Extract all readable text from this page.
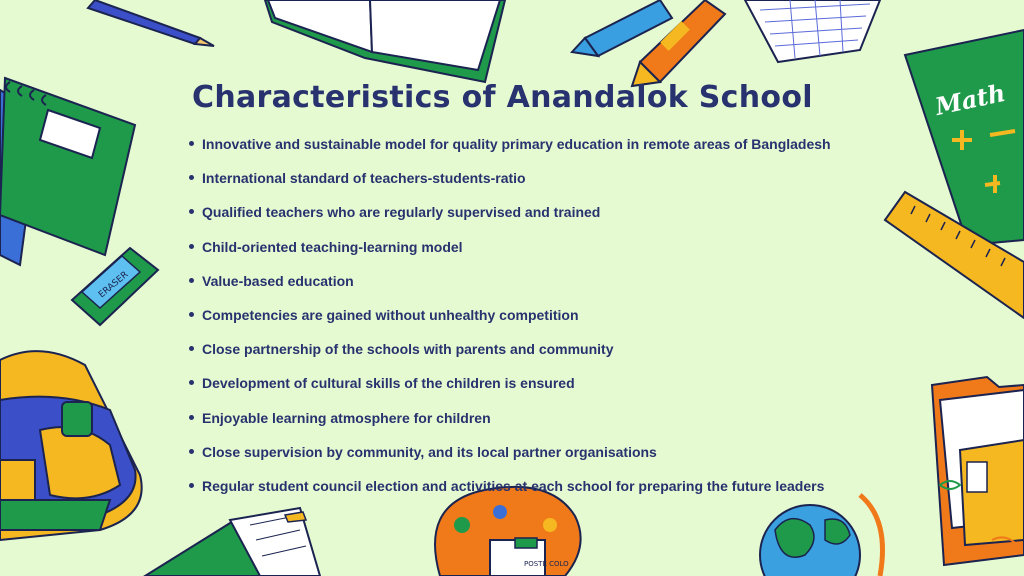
ERASER
POSTE COLO
Math
Characteristics of Anandalok School
Innovative and sustainable model for quality primary education in remote areas of Bangladesh
International standard of teachers-students-ratio
Qualified teachers who are regularly supervised and trained
Child-oriented teaching-learning model
Value-based education
Competencies are gained without unhealthy competition
Close partnership of the schools with parents and community
Development of cultural skills of the children is ensured
Enjoyable learning atmosphere for children
Close supervision by community, and its local partner organisations
Regular student council election and activities at each school for preparing the future leaders
